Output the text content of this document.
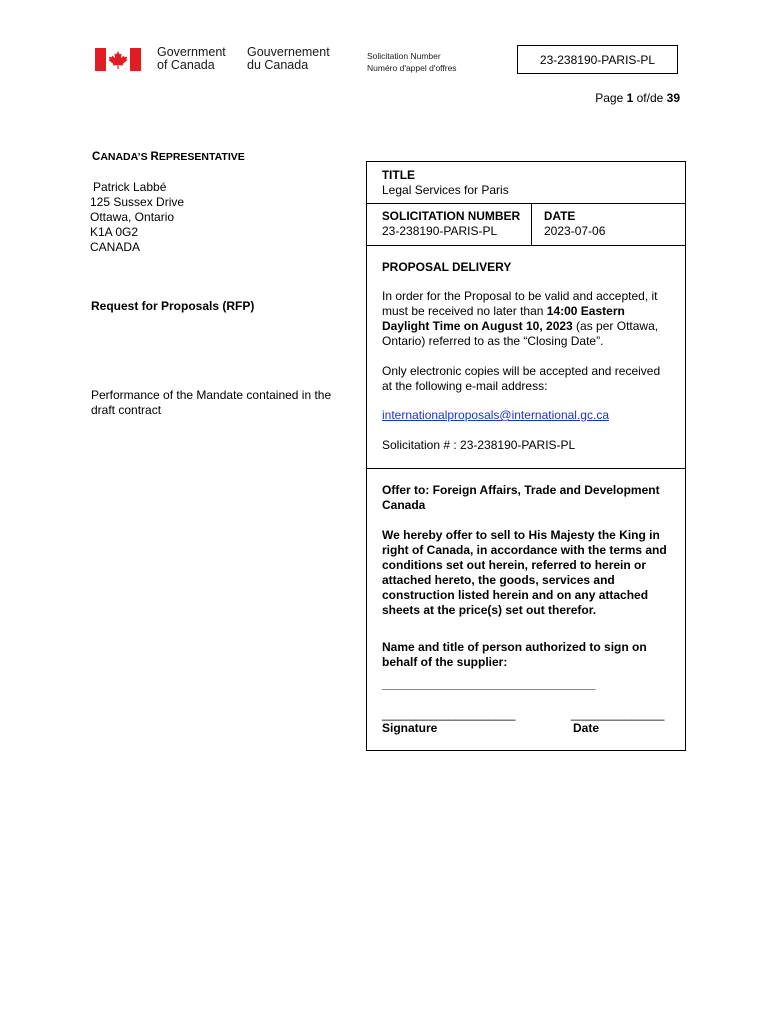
Government
of Canada
Gouvernement
du Canada
Solicitation Number
Numéro d'appel d'offres
23-238190-PARIS-PL
Page 1 of/de 39
CANADA’S REPRESENTATIVE
Patrick Labbé
125 Sussex Drive
Ottawa, Ontario
K1A 0G2
CANADA
Request for Proposals (RFP)
Performance of the Mandate contained in the
draft contract
TITLE
Legal Services for Paris
SOLICITATION NUMBER
23-238190-PARIS-PL
DATE
2023-07-06
PROPOSAL DELIVERY
In order for the Proposal to be valid and accepted, it must be received no later than 14:00 Eastern Daylight Time on August 10, 2023 (as per Ottawa, Ontario) referred to as the “Closing Date”.
Only electronic copies will be accepted and received at the following e-mail address:
internationalproposals@international.gc.ca
Solicitation # : 23-238190-PARIS-PL
Offer to: Foreign Affairs, Trade and Development Canada
We hereby offer to sell to His Majesty the King in right of Canada, in accordance with the terms and conditions set out herein, referred to herein or attached hereto, the goods, services and construction listed herein and on any attached sheets at the price(s) set out therefor.
Name and title of person authorized to sign on behalf of the supplier:
________________________________
____________________	______________
Signature	Date
